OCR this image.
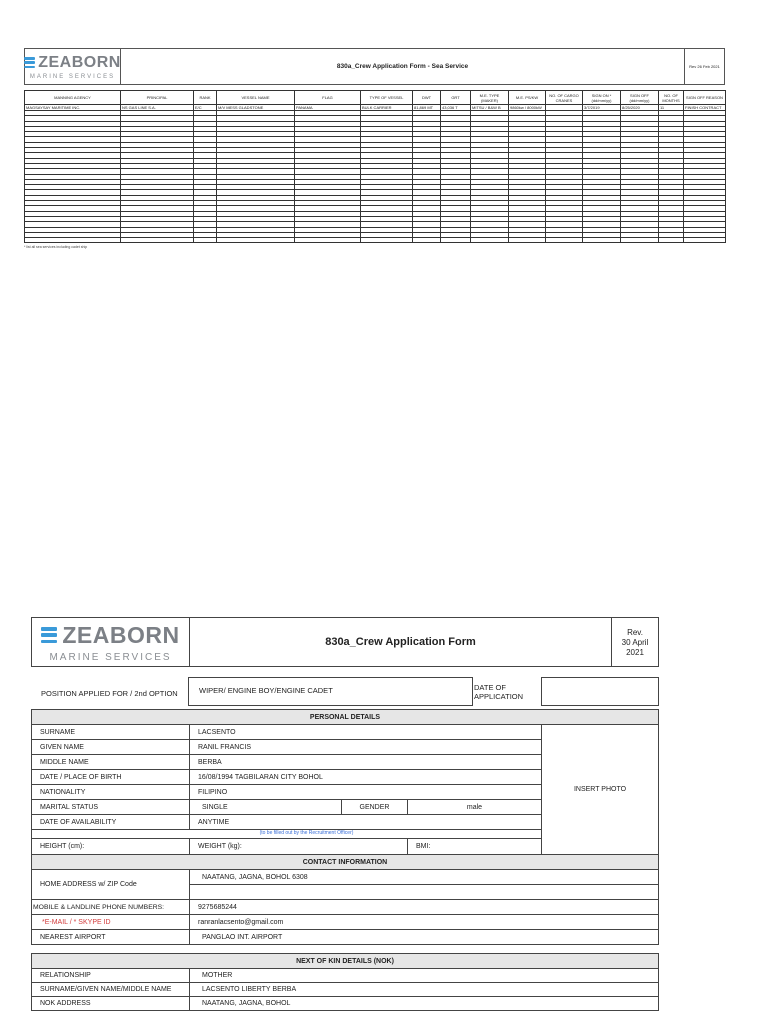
ZEABORN
MARINE SERVICES
830a_Crew Application Form - Sea Service	Rev 26 Feb 2021
MANNING AGENCY	PRINCIPAL	RANK	VESSEL NAME	FLAG	TYPE OF VESSEL	DWT	GRT	M.E. TYPE (MAKER)	M.E. PS/KW	NO. OF CARGO CRANES	SIGN ON * (dd/mm/yy)	SIGN OFF (dd/mm/yy)	NO. OF MONTHS	SIGN OFF REASON
MAGSAYSAY MARITIME INC.	NS GAS LINE S.A.	E/C	M/V MESS GLADSTONE	PANAMA	BULK CARRIER	81,869 MT	43,036 T	MITSU / B&W B	9860kw / 8000kW		3/7/2019	8/25/2020	11	FINISH CONTRACT

* list all sea services including cadet ship
ZEABORN
MARINE SERVICES
830a_Crew Application Form
Rev.
30 April 2021
POSITION APPLIED FOR / 2nd OPTION	WIPER/ ENGINE BOY/ENGINE CADET	DATE OF APPLICATION
PERSONAL DETAILS
SURNAME	LACSENTO
GIVEN NAME	RANIL FRANCIS
MIDDLE NAME	BERBA
DATE / PLACE OF BIRTH	16/08/1994 TAGBILARAN CITY BOHOL
NATIONALITY	FILIPINO
MARITAL STATUS	SINGLE	GENDER	male
DATE OF AVAILABILITY	ANYTIME
(to be filled out by the Recruitment Officer)
HEIGHT (cm):	WEIGHT (kg):	BMI:
INSERT PHOTO
CONTACT INFORMATION
HOME ADDRESS w/ ZIP Code
NAATANG, JAGNA, BOHOL 6308
MOBILE & LANDLINE PHONE NUMBERS:	9275685244
*E-MAIL / * SKYPE ID	ranranlacsento@gmail.com
NEAREST AIRPORT	PANGLAO INT. AIRPORT
NEXT OF KIN DETAILS (NOK)
RELATIONSHIP	MOTHER
SURNAME/GIVEN NAME/MIDDLE NAME	LACSENTO LIBERTY BERBA
NOK ADDRESS	NAATANG, JAGNA, BOHOL
